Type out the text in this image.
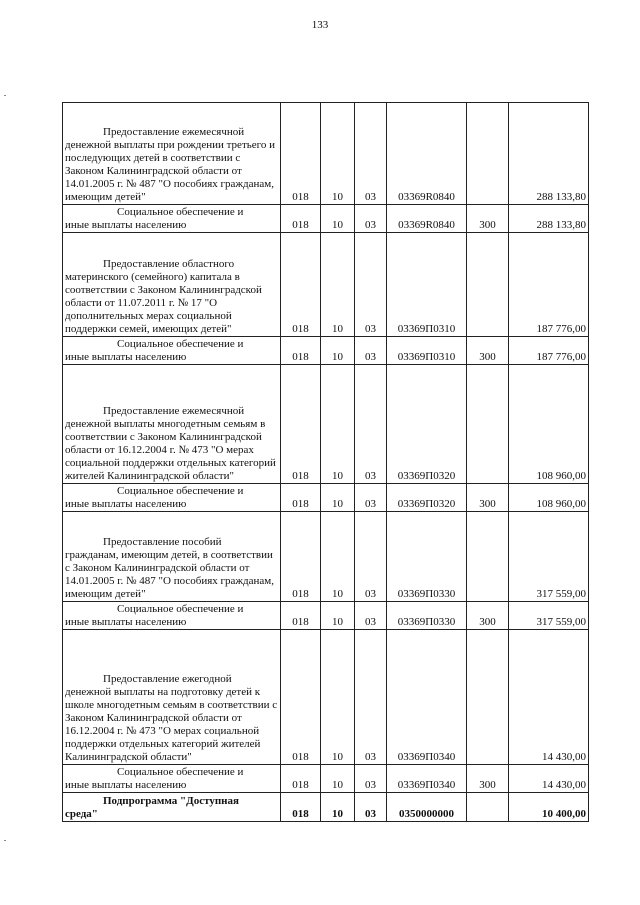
133
Предоставление ежемесячной
денежной выплаты при рождении третьего и последующих детей в соответствии с Законом Калининградской области от 14.01.2005 г. № 487 "О пособиях гражданам, имеющим детей"	018	10	03	03369R0840		288 133,80

Социальное обеспечение и
иные выплаты населению	018	10	03	03369R0840	300	288 133,80

Предоставление областного
материнского (семейного) капитала в соответствии с Законом Калининградской области от 11.07.2011 г. № 17 "О дополнительных мерах социальной поддержки семей, имеющих детей"	018	10	03	03369П0310		187 776,00

Социальное обеспечение и
иные выплаты населению	018	10	03	03369П0310	300	187 776,00

Предоставление ежемесячной
денежной выплаты многодетным семьям в соответствии с Законом Калининградской области от 16.12.2004 г. № 473 "О мерах социальной поддержки отдельных категорий жителей Калининградской области"	018	10	03	03369П0320		108 960,00

Социальное обеспечение и
иные выплаты населению	018	10	03	03369П0320	300	108 960,00

Предоставление пособий
гражданам, имеющим детей, в соответствии с Законом Калининградской области от 14.01.2005 г. № 487 "О пособиях гражданам, имеющим детей"	018	10	03	03369П0330		317 559,00

Социальное обеспечение и
иные выплаты населению	018	10	03	03369П0330	300	317 559,00

Предоставление ежегодной
денежной выплаты на подготовку детей к школе многодетным семьям в соответствии с Законом Калининградской области от 16.12.2004 г. № 473 "О мерах социальной поддержки отдельных категорий жителей Калининградской области"	018	10	03	03369П0340		14 430,00

Социальное обеспечение и
иные выплаты населению	018	10	03	03369П0340	300	14 430,00

Подпрограмма "Доступная
среда"	018	10	03	0350000000		10 400,00
